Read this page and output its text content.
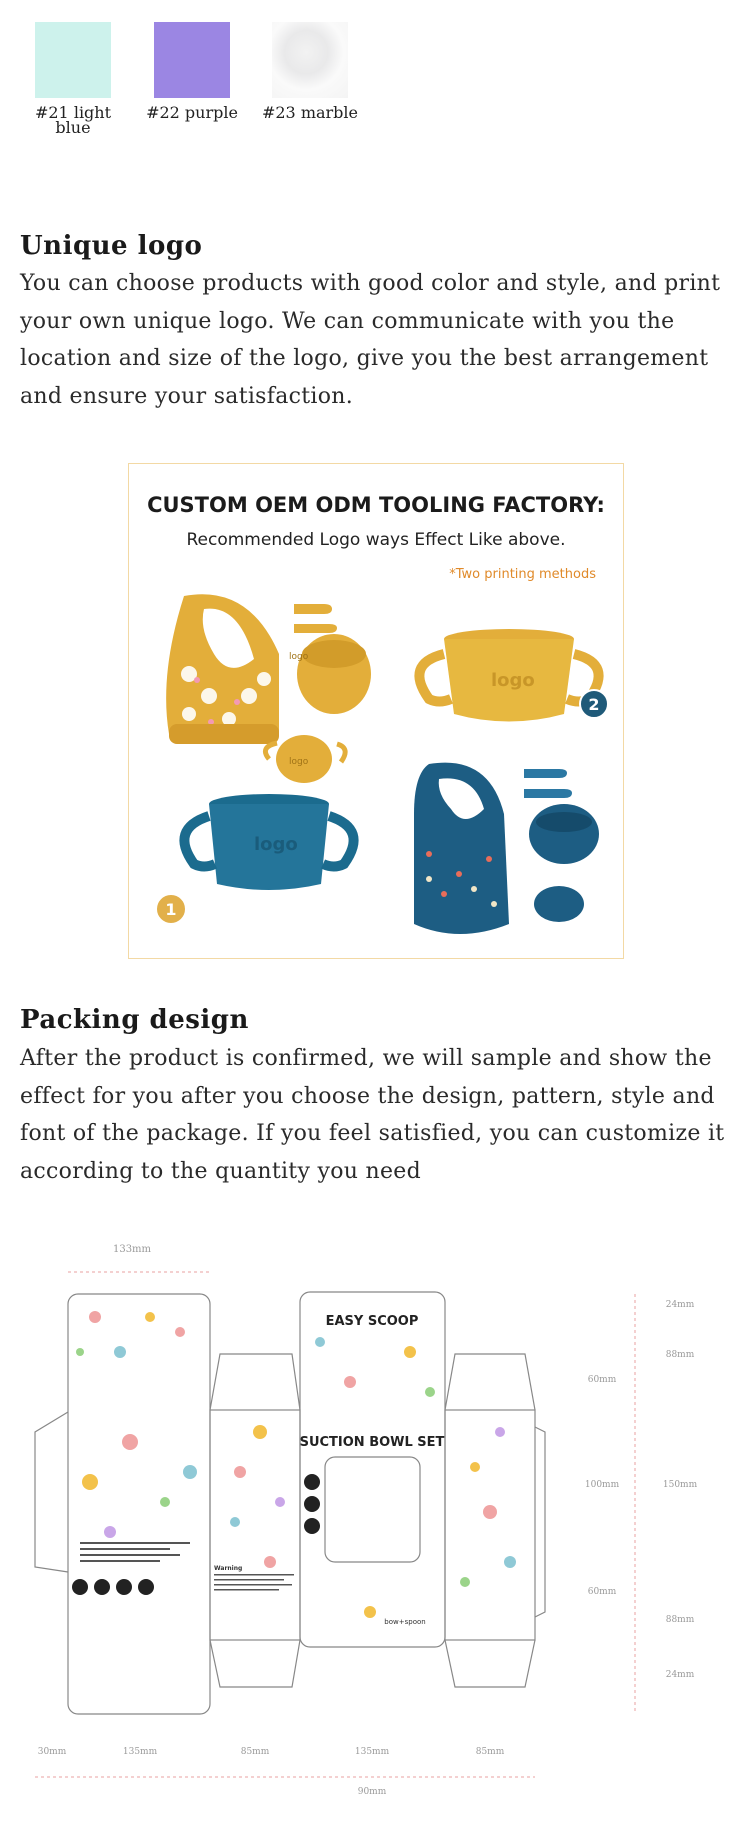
#21 light
blue
#22 purple	#23 marble
Unique logo
You can choose products with good color and style, and print your own unique logo. We can communicate with you the location and size of the logo, give you the best arrangement and ensure your satisfaction.
CUSTOM OEM ODM TOOLING FACTORY:
Recommended Logo ways Effect Like above.
*Two printing methods
logo
logo
logo
2
logo
1
Packing design
After the product is confirmed, we will sample and show the effect for you after you choose the design, pattern, style and font of the package. If you feel satisfied, you can customize it according to the quantity you need
133mm
EASY SCOOP
SUCTION BOWL SET
Warning
bow+spoon
24mm
88mm
150mm
88mm
24mm
60mm
100mm
60mm
30mm	135mm	85mm	135mm	85mm
90mm
